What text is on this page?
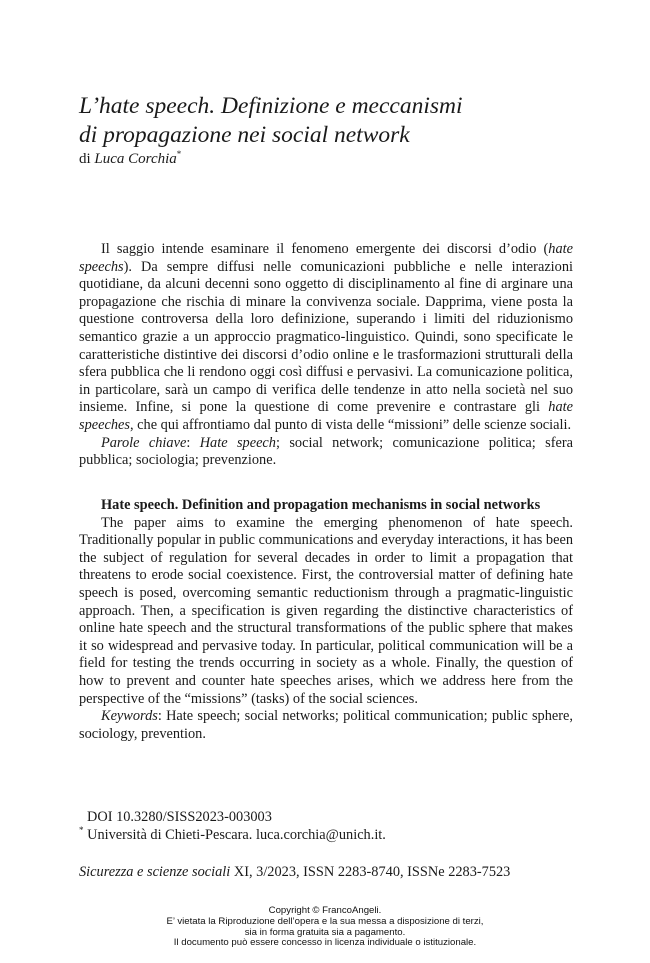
L’hate speech. Definizione e meccanismi
di propagazione nei social network
di Luca Corchia*

Il saggio intende esaminare il fenomeno emergente dei discorsi d’odio (hate speechs). Da sempre diffusi nelle comunicazioni pubbliche e nelle interazioni quotidiane, da alcuni decenni sono oggetto di disciplinamento al fine di arginare una propagazione che rischia di minare la convivenza sociale. Dapprima, viene posta la questione controversa della loro definizione, superando i limiti del riduzionismo semantico grazie a un approccio pragmatico-linguistico. Quindi, sono specificate le caratteristiche distintive dei discorsi d’odio online e le trasformazioni strutturali della sfera pubblica che li rendono oggi così diffusi e pervasivi. La comunicazione politica, in particolare, sarà un campo di verifica delle tendenze in atto nella società nel suo insieme. Infine, si pone la questione di come prevenire e contrastare gli hate speeches, che qui affrontiamo dal punto di vista delle “missioni” delle scienze sociali.

Parole chiave: Hate speech; social network; comunicazione politica; sfera pubblica; sociologia; prevenzione.

Hate speech. Definition and propagation mechanisms in social networks

The paper aims to examine the emerging phenomenon of hate speech. Traditionally popular in public communications and everyday interactions, it has been the subject of regulation for several decades in order to limit a propagation that threatens to erode social coexistence. First, the controversial matter of defining hate speech is posed, overcoming semantic reductionism through a pragmatic-linguistic approach. Then, a specification is given regarding the distinctive characteristics of online hate speech and the structural transformations of the public sphere that makes it so widespread and pervasive today. In particular, political communication will be a field for testing the trends occurring in society as a whole. Finally, the question of how to prevent and counter hate speeches arises, which we address here from the perspective of the “missions” (tasks) of the social sciences.

Keywords: Hate speech; social networks; political communication; public sphere, sociology, prevention.

DOI 10.3280/SISS2023-003003
* Università di Chieti-Pescara. luca.corchia@unich.it.
Sicurezza e scienze sociali XI, 3/2023, ISSN 2283-8740, ISSNe 2283-7523
Copyright © FrancoAngeli.
E’ vietata la Riproduzione dell’opera e la sua messa a disposizione di terzi,
sia in forma gratuita sia a pagamento.
Il documento può essere concesso in licenza individuale o istituzionale.
